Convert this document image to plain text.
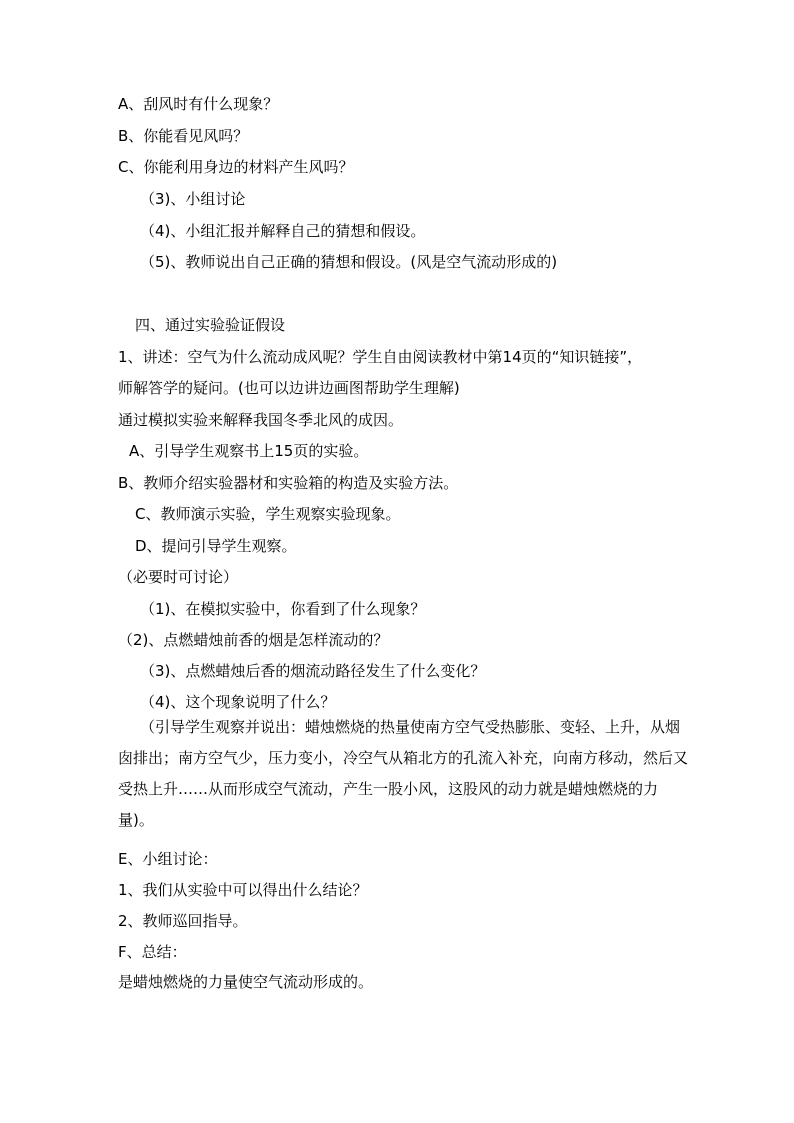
A、刮风时有什么现象？
B、你能看见风吗？
C、你能利用身边的材料产生风吗？
（3)、小组讨论
（4)、小组汇报并解释自己的猜想和假设。
（5)、教师说出自己正确的猜想和假设。(风是空气流动形成的)
四、通过实验验证假设
1、讲述：空气为什么流动成风呢？学生自由阅读教材中第14页的“知识链接”，
师解答学的疑问。(也可以边讲边画图帮助学生理解)
通过模拟实验来解释我国冬季北风的成因。
A、引导学生观察书上15页的实验。
B、教师介绍实验器材和实验箱的构造及实验方法。
C、教师演示实验，学生观察实验现象。
D、提问引导学生观察。
（必要时可讨论）
（1)、在模拟实验中，你看到了什么现象？
（2)、点燃蜡烛前香的烟是怎样流动的？
（3)、点燃蜡烛后香的烟流动路径发生了什么变化？
（4)、这个现象说明了什么？
（引导学生观察并说出：蜡烛燃烧的热量使南方空气受热膨胀、变轻、上升，从烟囱排出；南方空气少，压力变小，冷空气从箱北方的孔流入补充，向南方移动，然后又受热上升……从而形成空气流动，产生一股小风，这股风的动力就是蜡烛燃烧的力量)。
E、小组讨论：
1、我们从实验中可以得出什么结论？
2、教师巡回指导。
F、总结：
是蜡烛燃烧的力量使空气流动形成的。
